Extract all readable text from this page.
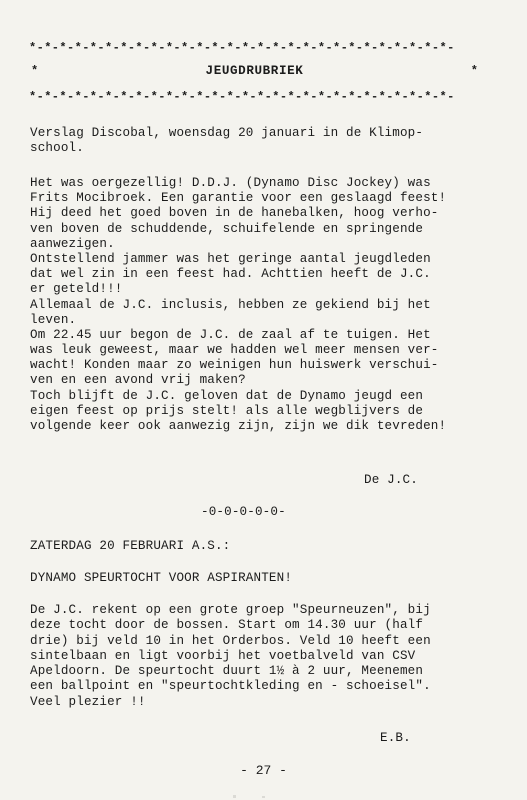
*-*-*-*-*-*-*-*-*-*-*-*-*-*-*-*-*-*-*-*-*-*-*-*-*-*-*-*-
*	JEUGDRUBRIEK	*
*-*-*-*-*-*-*-*-*-*-*-*-*-*-*-*-*-*-*-*-*-*-*-*-*-*-*-*-
Verslag Discobal, woensdag 20 januari in de Klimop-
school.
Het was oergezellig! D.D.J. (Dynamo Disc Jockey) was
Frits Mocibroek. Een garantie voor een geslaagd feest!
Hij deed het goed boven in de hanebalken, hoog verho-
ven boven de schuddende, schuifelende en springende
aanwezigen.
Ontstellend jammer was het geringe aantal jeugdleden
dat wel zin in een feest had. Achttien heeft de J.C.
er geteld!!!
Allemaal de J.C. inclusis, hebben ze gekiend bij het
leven.
Om 22.45 uur begon de J.C. de zaal af te tuigen. Het
was leuk geweest, maar we hadden wel meer mensen ver-
wacht! Konden maar zo weinigen hun huiswerk verschui-
ven en een avond vrij maken?
Toch blijft de J.C. geloven dat de Dynamo jeugd een
eigen feest op prijs stelt! als alle wegblijvers de
volgende keer ook aanwezig zijn, zijn we dik tevreden!
De J.C.
-0-0-0-0-0-
ZATERDAG 20 FEBRUARI A.S.:
DYNAMO SPEURTOCHT VOOR ASPIRANTEN!
De J.C. rekent op een grote groep "Speurneuzen", bij
deze tocht door de bossen. Start om 14.30 uur (half
drie) bij veld 10 in het Orderbos. Veld 10 heeft een
sintelbaan en ligt voorbij het voetbalveld van CSV
Apeldoorn. De speurtocht duurt 1½ à 2 uur, Meenemen
een ballpoint en "speurtochtkleding en - schoeisel".
Veel plezier !!
E.B.
- 27 -
